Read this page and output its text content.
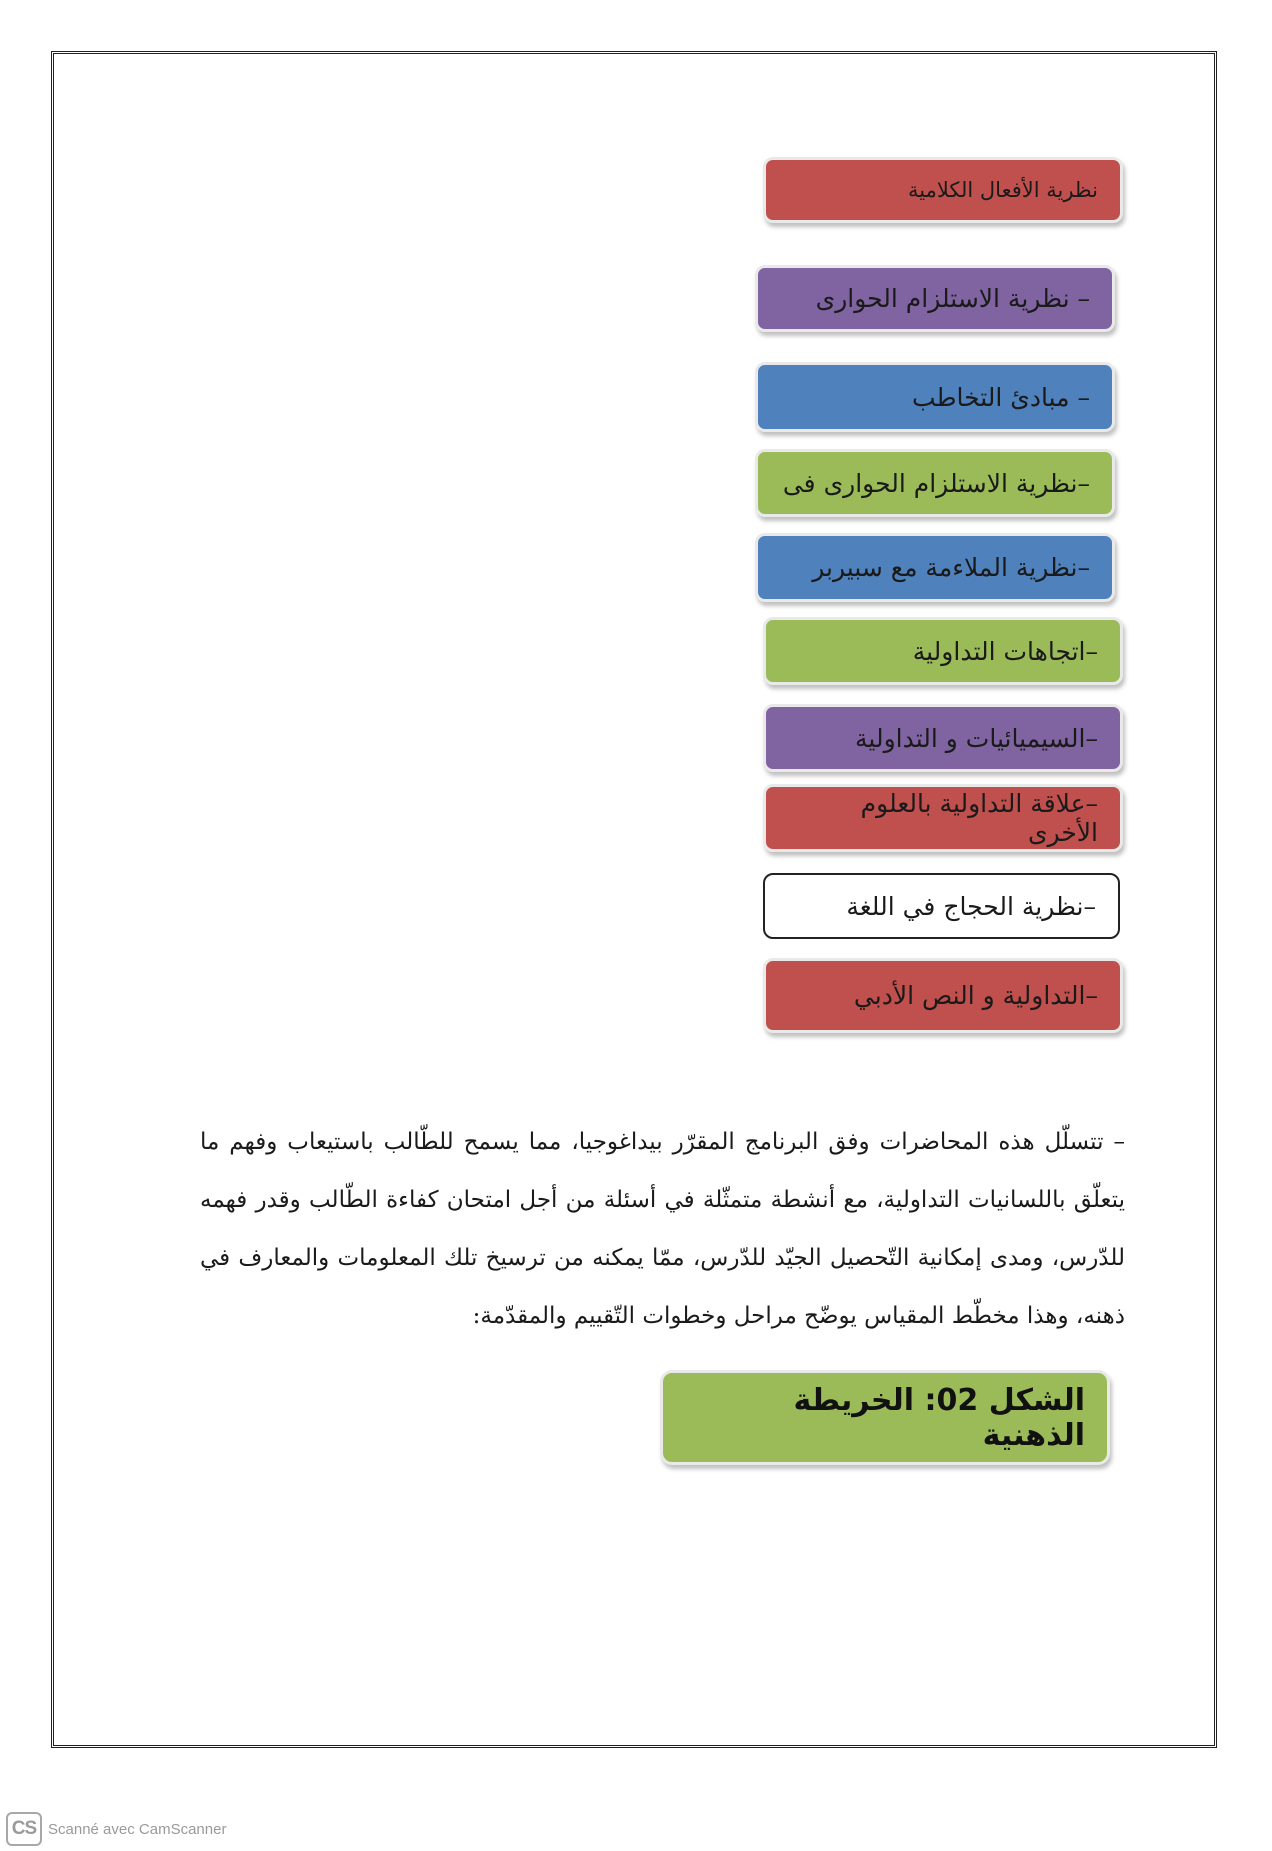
نظرية الأفعال الكلامية
– نظرية الاستلزام الحوارى
– مبادئ التخاطب
–نظرية الاستلزام الحوارى فى
–نظرية الملاءمة مع سبيربر
–اتجاهات التداولية
–السيميائيات و التداولية
–علاقة التداولية بالعلوم الأخرى
–نظرية الحجاج في اللغة
–التداولية و النص الأدبي

– تتسلّل هذه المحاضرات وفق البرنامج المقرّر بيداغوجيا، مما يسمح للطّالب باستيعاب وفهم ما يتعلّق باللسانيات التداولية، مع أنشطة متمثّلة في أسئلة من أجل امتحان كفاءة الطّالب وقدر فهمه للدّرس، ومدى إمكانية التّحصيل الجيّد للدّرس، ممّا يمكنه من ترسيخ تلك المعلومات والمعارف في ذهنه، وهذا مخطّط المقياس يوضّح مراحل وخطوات التّقييم والمقدّمة:

الشكل 02: الخريطة الذهنية
CS Scanné avec CamScanner
